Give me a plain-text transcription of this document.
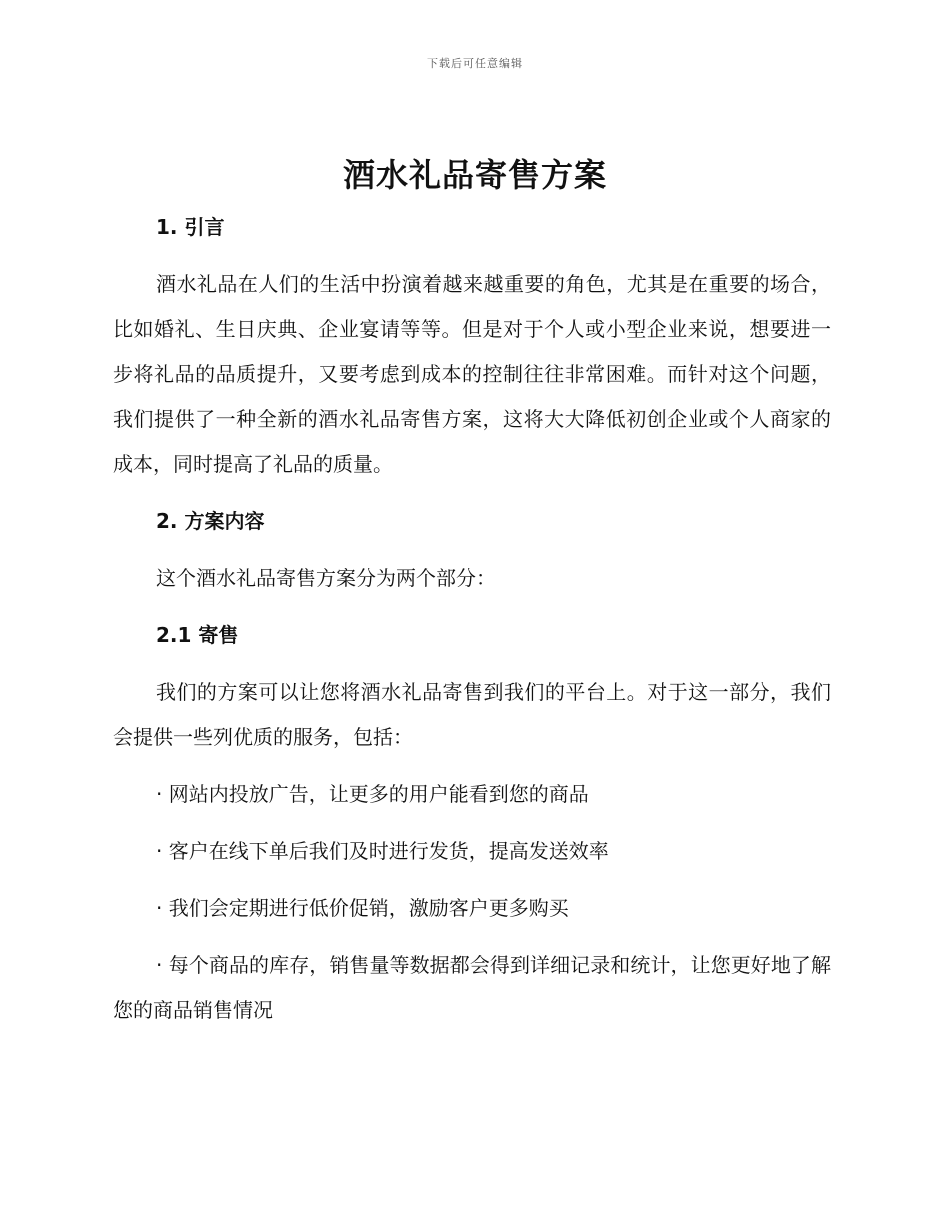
下载后可任意编辑
酒水礼品寄售方案

1. 引言

酒水礼品在人们的生活中扮演着越来越重要的角色，尤其是在重要的场合，比如婚礼、生日庆典、企业宴请等等。但是对于个人或小型企业来说，想要进一步将礼品的品质提升，又要考虑到成本的控制往往非常困难。而针对这个问题，我们提供了一种全新的酒水礼品寄售方案，这将大大降低初创企业或个人商家的成本，同时提高了礼品的质量。

2. 方案内容

这个酒水礼品寄售方案分为两个部分：

2.1 寄售

我们的方案可以让您将酒水礼品寄售到我们的平台上。对于这一部分，我们会提供一些列优质的服务，包括：

· 网站内投放广告，让更多的用户能看到您的商品

· 客户在线下单后我们及时进行发货，提高发送效率

· 我们会定期进行低价促销，激励客户更多购买

· 每个商品的库存，销售量等数据都会得到详细记录和统计，让您更好地了解您的商品销售情况
